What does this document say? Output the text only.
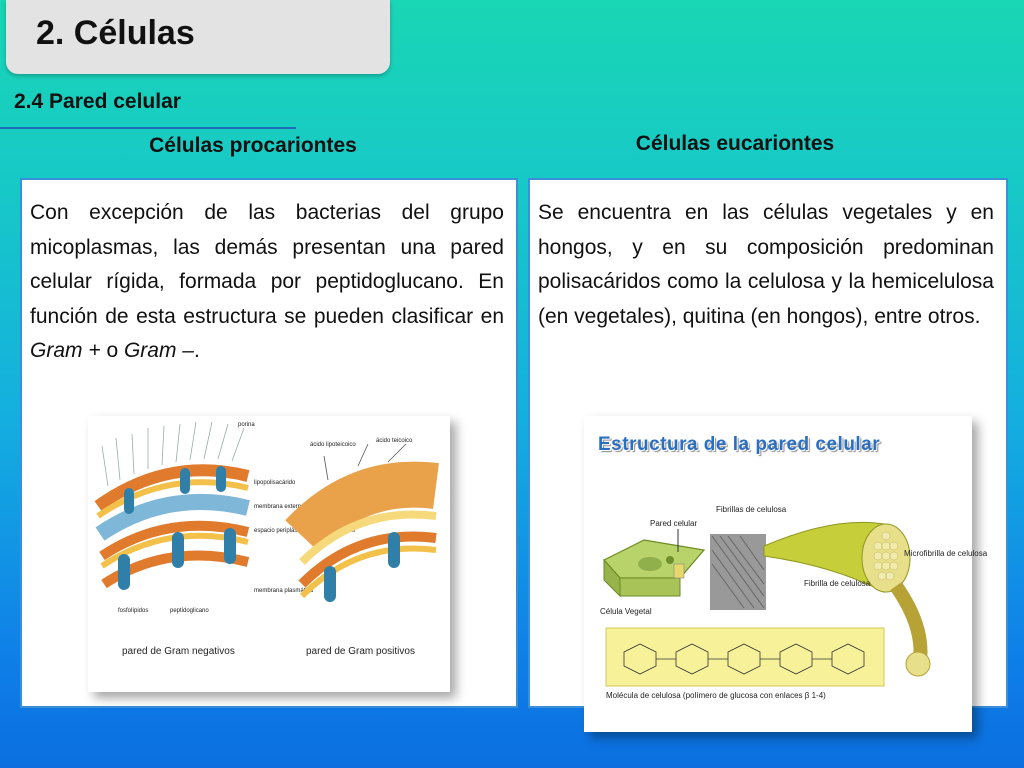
2. Células
2.4 Pared celular
Células procariontes	Células eucariontes
Con excepción de las bacterias del grupo micoplasmas, las demás presentan una pared celular rígida, formada por peptidoglucano. En función de esta estructura se pueden clasificar en Gram + o Gram –.
porina
lipopolisacárido
membrana externa
espacio periplásmico y peptidoglicano
membrana plasmática
fosfolípidos	peptidoglicano
pared de Gram negativos
ácido lipoteicoico
ácido teicoico
pared de Gram positivos
Se encuentra en las células vegetales y en hongos, y en su composición predominan polisacáridos como la celulosa y la hemicelulosa (en vegetales), quitina (en hongos), entre otros.
Estructura de la pared celular
Célula Vegetal
Pared celular
Fibrillas de celulosa
Microfibrilla de celulosa
Fibrilla de celulosa
Molécula de celulosa (polímero de glucosa con enlaces β 1-4)
